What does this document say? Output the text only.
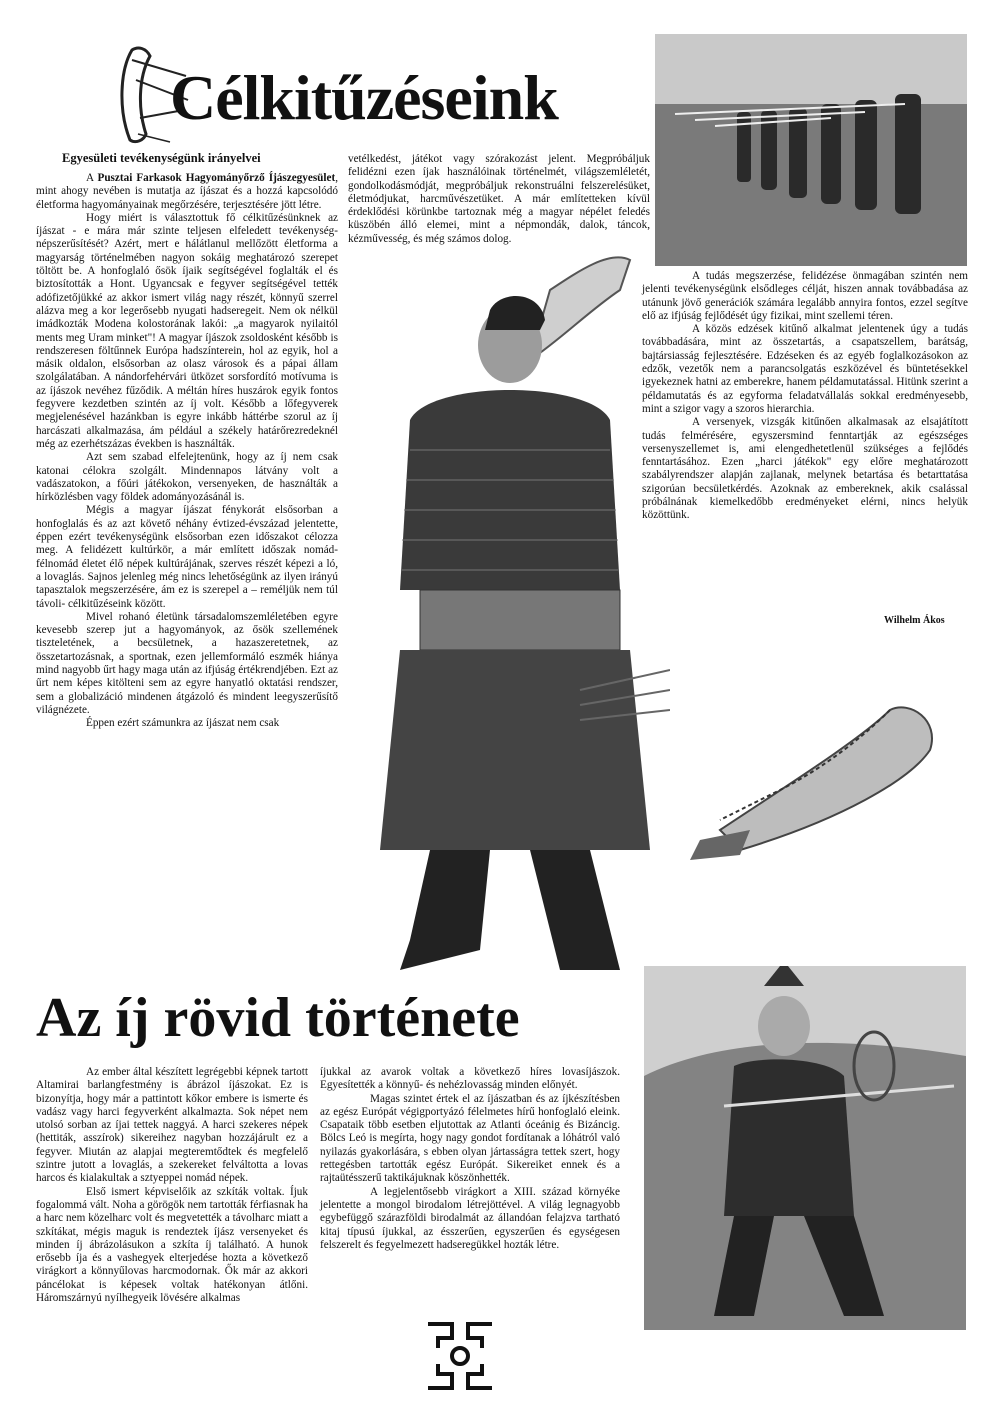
Célkitűzéseink
Egyesületi tevékenységünk irányelvei

A Pusztai Farkasok Hagyományőrző Íjászegyesület, mint ahogy nevében is mutatja az íjászat és a hozzá kapcsolódó életforma hagyományainak megőrzésére, terjesztésére jött létre.

Hogy miért is választottuk fő célkitűzésünknek az íjászat - e mára már szinte teljesen elfeledett tevékenység- népszerűsítését? Azért, mert e hálátlanul mellőzött életforma a magyarság történelmében nagyon sokáig meghatározó szerepet töltött be. A honfoglaló ősök íjaik segítségével foglalták el és biztosították a Hont. Ugyancsak e fegyver segítségével tették adófizetőjükké az akkor ismert világ nagy részét, könnyű szerrel alázva meg a kor legerősebb nyugati hadseregeit. Nem ok nélkül imádkozták Modena kolostorának lakói: „a magyarok nyilaitól ments meg Uram minket"! A magyar íjászok zsoldosként később is rendszeresen föltűnnek Európa hadszínterein, hol az egyik, hol a másik oldalon, elsősorban az olasz városok és a pápai állam szolgálatában. A nándorfehérvári ütközet sorsfordító motívuma is az íjászok nevéhez fűződik. A méltán híres huszárok egyik fontos fegyvere kezdetben szintén az íj volt. Később a lőfegyverek megjelenésével hazánkban is egyre inkább háttérbe szorul az íj harcászati alkalmazása, ám például a székely határőrezredeknél még az ezerhétszázas években is használták.

Azt sem szabad elfelejtenünk, hogy az íj nem csak katonai célokra szolgált. Mindennapos látvány volt a vadászatokon, a főúri játékokon, versenyeken, de használták a hírközlésben vagy földek adományozásánál is.

Mégis a magyar íjászat fénykorát elsősorban a honfoglalás és az azt követő néhány évtized-évszázad jelentette, éppen ezért tevékenységünk elsősorban ezen időszakot célozza meg. A felidézett kultúrkör, a már említett időszak nomád-félnomád életet élő népek kultúrájának, szerves részét képezi a ló, a lovaglás. Sajnos jelenleg még nincs lehetőségünk az ilyen irányú tapasztalok megszerzésére, ám ez is szerepel a – reméljük nem túl távoli- célkitűzéseink között.

Mivel rohanó életünk társadalomszemléletében egyre kevesebb szerep jut a hagyományok, az ősök szellemének tiszteletének, a becsületnek, a hazaszeretetnek, az összetartozásnak, a sportnak, ezen jellemformáló eszmék hiánya mind nagyobb űrt hagy maga után az ifjúság értékrendjében. Ezt az űrt nem képes kitölteni sem az egyre hanyatló oktatási rendszer, sem a globalizáció mindenen átgázoló és mindent leegyszerűsítő világnézete.

Éppen ezért számunkra az íjászat nem csak

vetélkedést, játékot vagy szórakozást jelent. Megpróbáljuk felidézni ezen íjak használóinak történelmét, világszemléletét, gondolkodásmódját, megpróbáljuk rekonstruálni felszerelésüket, életmódjukat, harcművészetüket. A már említetteken kívül érdeklődési körünkbe tartoznak még a magyar népélet feledés küszöbén álló elemei, mint a népmondák, dalok, táncok, kézművesség, és még számos dolog.

A tudás megszerzése, felidézése önmagában szintén nem jelenti tevékenységünk elsődleges célját, hiszen annak továbbadása az utánunk jövő generációk számára legalább annyira fontos, ezzel segítve elő az ifjúság fejlődését úgy fizikai, mint szellemi téren.

A közös edzések kitűnő alkalmat jelentenek úgy a tudás továbbadására, mint az összetartás, a csapatszellem, barátság, bajtársiasság fejlesztésére. Edzéseken és az egyéb foglalkozásokon az edzők, vezetők nem a parancsolgatás eszközével és büntetésekkel igyekeznek hatni az emberekre, hanem példamutatással. Hitünk szerint a példamutatás és az egyforma feladatvállalás sokkal eredményesebb, mint a szigor vagy a szoros hierarchia.

A versenyek, vizsgák kitűnően alkalmasak az elsajátított tudás felmérésére, egyszersmind fenntartják az egészséges versenyszellemet is, ami elengedhetetlenül szükséges a fejlődés fenntartásához. Ezen „harci játékok" egy előre meghatározott szabályrendszer alapján zajlanak, melynek betartása és betarttatása szigorúan becsületkérdés. Azoknak az embereknek, akik csalással próbálnának kiemelkedőbb eredményeket elérni, nincs helyük közöttünk.

Wilhelm Ákos
Az íj rövid története

Az ember által készített legrégebbi képnek tartott Altamirai barlangfestmény is ábrázol íjászokat. Ez is bizonyítja, hogy már a pattintott kőkor embere is ismerte és vadász vagy harci fegyverként alkalmazta. Sok népet nem utolsó sorban az íjai tettek naggyá. A harci szekeres népek (hettiták, asszírok) sikereihez nagyban hozzájárult ez a fegyver. Miután az alapjai megteremtődtek és megfelelő szintre jutott a lovaglás, a szekereket felváltotta a lovas harcos és kialakultak a sztyeppei nomád népek.

Első ismert képviselőik az szkíták voltak. Íjuk fogalommá vált. Noha a görögök nem tartották férfiasnak ha a harc nem közelharc volt és megvetették a távolharc miatt a szkítákat, mégis maguk is rendeztek íjász versenyeket és minden íj ábrázolásukon a szkíta íj található. A hunok erősebb íja és a vashegyek elterjedése hozta a következő virágkort a könnyűlovas harcmodornak. Ők már az akkori páncélokat is képesek voltak hatékonyan átlőni. Háromszárnyú nyílhegyeik lövésére alkalmas

íjukkal az avarok voltak a következő híres lovasíjászok. Egyesítették a könnyű- és nehézlovasság minden előnyét.

Magas szintet értek el az íjászatban és az íjkészítésben az egész Európát végigportyázó félelmetes hírű honfoglaló eleink. Csapataik több esetben eljutottak az Atlanti óceánig és Bizáncig. Bölcs Leó is megírta, hogy nagy gondot fordítanak a lóhátról való nyilazás gyakorlására, s ebben olyan jártasságra tettek szert, hogy rettegésben tartották egész Európát. Sikereiket ennek és a rajtaütésszerű taktikájuknak köszönhették.

A legjelentősebb virágkort a XIII. század környéke jelentette a mongol birodalom létrejöttével. A világ legnagyobb egybefüggő szárazföldi birodalmát az állandóan felajzva tartható kitaj típusú íjukkal, az ésszerűen, egyszerűen és egységesen felszerelt és fegyelmezett hadseregükkel hozták létre.
